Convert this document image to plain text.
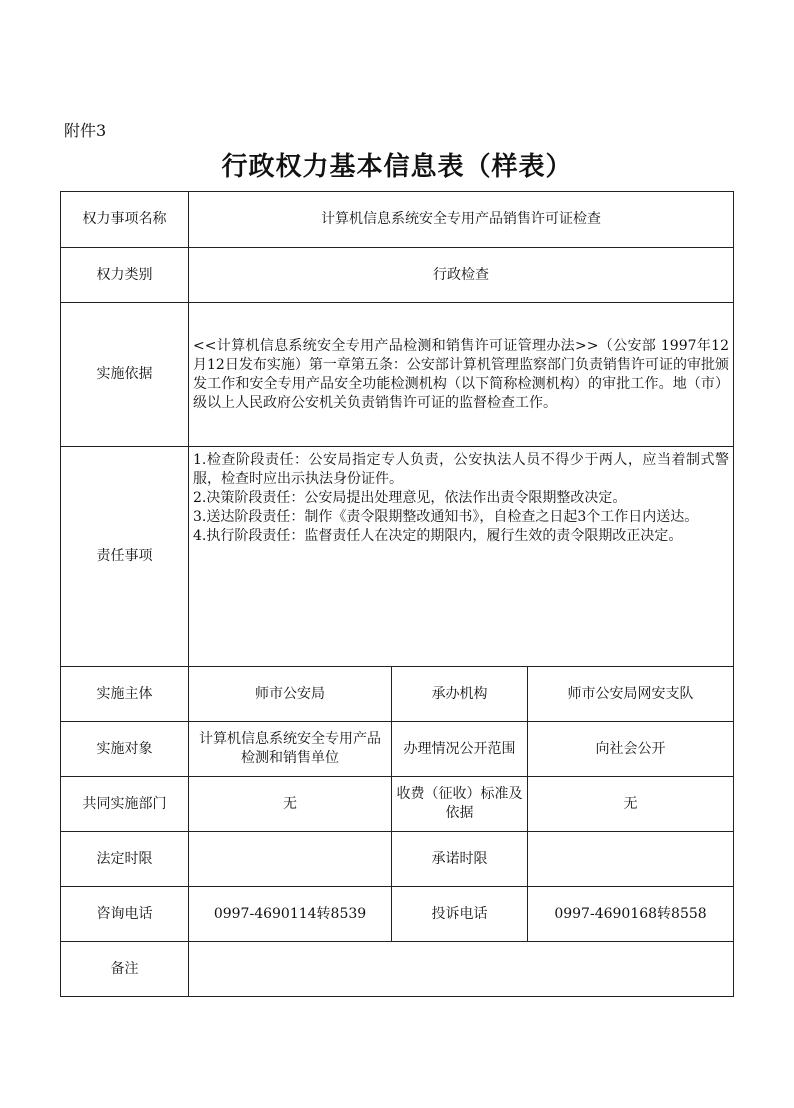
附件3
行政权力基本信息表（样表）
权力事项名称	计算机信息系统安全专用产品销售许可证检查		
权力类别	行政检查		
实施依据	<<计算机信息系统安全专用产品检测和销售许可证管理办法>>（公安部 1997年12月12日发布实施）第一章第五条：公安部计算机管理监察部门负责销售许可证的审批颁发工作和安全专用产品安全功能检测机构（以下简称检测机构）的审批工作。地（市）级以上人民政府公安机关负责销售许可证的监督检查工作。		
责任事项	1.检查阶段责任：公安局指定专人负责，公安执法人员不得少于两人，应当着制式警服，检查时应出示执法身份证件。
2.决策阶段责任：公安局提出处理意见，依法作出责令限期整改决定。
3.送达阶段责任：制作《责令限期整改通知书》，自检查之日起3个工作日内送达。
4.执行阶段责任：监督责任人在决定的期限内，履行生效的责令限期改正决定。		

实施主体	师市公安局	承办机构	师市公安局网安支队
实施对象	计算机信息系统安全专用产品检测和销售单位	办理情况公开范围	向社会公开
共同实施部门	无	收费（征收）标准及依据	无
法定时限		承诺时限	
咨询电话	0997-4690114转8539	投诉电话	0997-4690168转8558
备注			
